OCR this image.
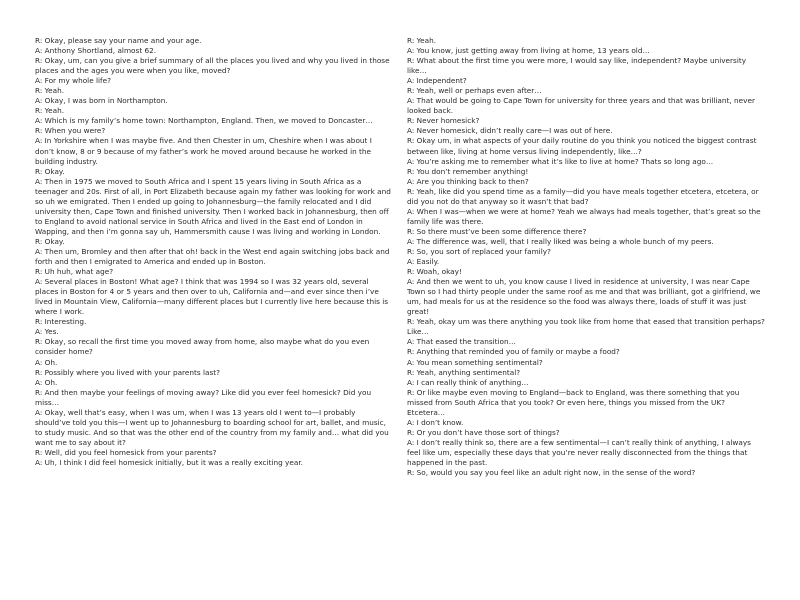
R: Okay, please say your name and your age.

A: Anthony Shortland, almost 62.

R: Okay, um, can you give a brief summary of all the places you lived and why you lived in those places and the ages you were when you like, moved?

A: For my whole life?

R: Yeah.

A: Okay, I was born in Northampton.

R: Yeah.

A: Which is my family’s home town: Northampton, England. Then, we moved to Doncaster…

R: When you were?

A: In Yorkshire when I was maybe five. And then Chester in um, Cheshire when I was about I don’t know, 8 or 9 because of my father’s work he moved around because he worked in the building industry.

R: Okay.

A: Then in 1975 we moved to South Africa and I spent 15 years living in South Africa as a teenager and 20s. First of all, in Port Elizabeth because again my father was looking for work and so uh we emigrated. Then I ended up going to Johannesburg—the family relocated and I did university then, Cape Town and finished university. Then I worked back in Johannesburg, then off to England to avoid national service in South Africa and lived in the East end of London in Wapping, and then i’m gonna say uh, Hammersmith cause I was living and working in London.

R: Okay.

A: Then um, Bromley and then after that oh! back in the West end again switching jobs back and forth and then I emigrated to America and ended up in Boston.

R: Uh huh, what age?

A: Several places in Boston! What age? I think that was 1994 so I was 32 years old, several places in Boston for 4 or 5 years and then over to uh, California and—and ever since then i’ve lived in Mountain View, California—many different places but I currently live here because this is where I work.

R: Interesting.

A: Yes.

R: Okay, so recall the first time you moved away from home, also maybe what do you even consider home?

A: Oh.

R: Possibly where you lived with your parents last?

A: Oh.

R: And then maybe your feelings of moving away? Like did you ever feel homesick? Did you miss…

A: Okay, well that’s easy, when I was um, when I was 13 years old I went to—I probably should’ve told you this—I went up to Johannesburg to boarding school for art, ballet, and music, to study music. And so that was the other end of the country from my family and… what did you want me to say about it?

R: Well, did you feel homesick from your parents?

A: Uh, I think I did feel homesick initially, but it was a really exciting year.

R: Yeah.

A: You know, just getting away from living at home, 13 years old…

R: What about the first time you were more, I would say like, independent? Maybe university like…

A: Independent?

R: Yeah, well or perhaps even after…

A: That would be going to Cape Town for university for three years and that was brilliant, never looked back.

R: Never homesick?

A: Never homesick, didn’t really care—I was out of here.

R: Okay um, in what aspects of your daily routine do you think you noticed the biggest contrast between like, living at home versus living independently, like…?

A: You’re asking me to remember what it’s like to live at home? Thats so long ago…

R: You don’t remember anything!

A: Are you thinking back to then?

R: Yeah, like did you spend time as a family—did you have meals together etcetera, etcetera, or did you not do that anyway so it wasn’t that bad?

A: When I was—when we were at home? Yeah we always had meals together, that’s great so the family life was there.

R: So there must’ve been some difference there?

A: The difference was, well, that I really liked was being a whole bunch of my peers.

R: So, you sort of replaced your family?

A: Easily.

R: Woah, okay!

A: And then we went to uh, you know cause I lived in residence at university, I was near Cape Town so I had thirty people under the same roof as me and that was brilliant, got a girlfriend, we um, had meals for us at the residence so the food was always there, loads of stuff it was just great!

R: Yeah, okay um was there anything you took like from home that eased that transition perhaps? Like…

A: That eased the transition…

R: Anything that reminded you of family or maybe a food?

A: You mean something sentimental?

R: Yeah, anything sentimental?

A: I can really think of anything…

R: Or like maybe even moving to England—back to England, was there something that you missed from South Africa that you took? Or even here, things you missed from the UK? Etcetera…

A: I don’t know.

R: Or you don’t have those sort of things?

A: I don’t really think so, there are a few sentimental—I can’t really think of anything, I always feel like um, especially these days that you’re never really disconnected from the things that happened in the past.

R: So, would you say you feel like an adult right now, in the sense of the word?
